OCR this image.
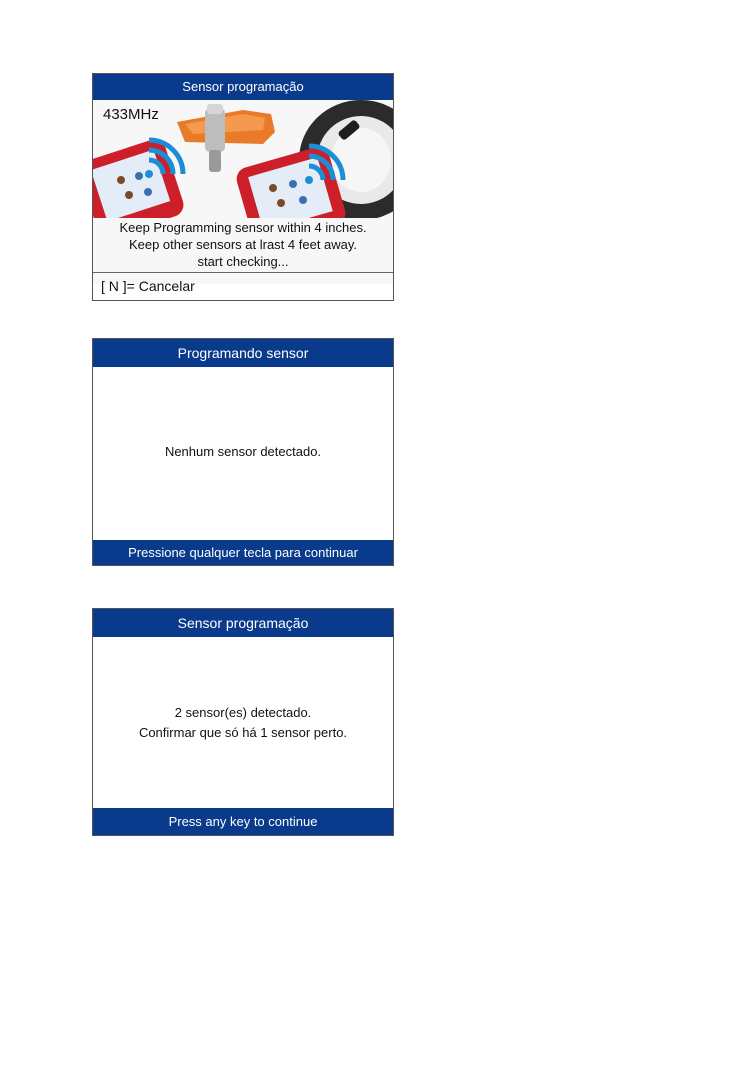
Sensor programação
433MHz
Keep Programming sensor within 4 inches.
Keep other sensors at lrast 4 feet away.
start checking...
[ N ]= Cancelar
Programando sensor
Nenhum sensor detectado.
Pressione qualquer tecla para continuar
Sensor programação
2 sensor(es) detectado.
Confirmar que só há 1 sensor perto.
Press any key to continue
